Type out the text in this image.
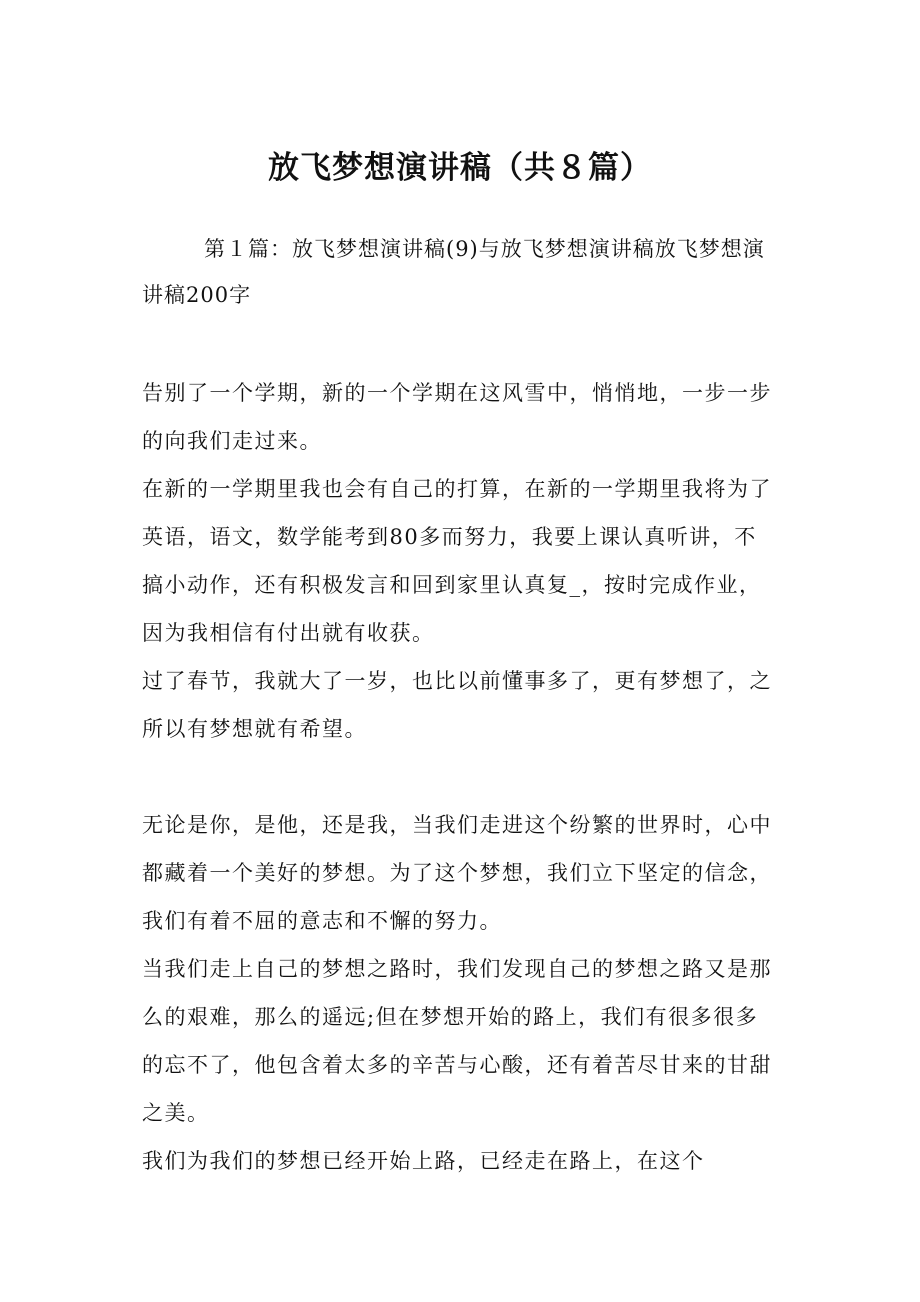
放飞梦想演讲稿（共８篇）
第１篇：放飞梦想演讲稿(9)与放飞梦想演讲稿放飞梦想演讲稿200字

告别了一个学期，新的一个学期在这风雪中，悄悄地，一步一步的向我们走过来。

在新的一学期里我也会有自己的打算，在新的一学期里我将为了英语，语文，数学能考到80多而努力，我要上课认真听讲，不搞小动作，还有积极发言和回到家里认真复_，按时完成作业，因为我相信有付出就有收获。

过了春节，我就大了一岁，也比以前懂事多了，更有梦想了，之所以有梦想就有希望。

无论是你，是他，还是我，当我们走进这个纷繁的世界时，心中都藏着一个美好的梦想。为了这个梦想，我们立下坚定的信念，我们有着不屈的意志和不懈的努力。

当我们走上自己的梦想之路时，我们发现自己的梦想之路又是那么的艰难，那么的遥远;但在梦想开始的路上，我们有很多很多的忘不了，他包含着太多的辛苦与心酸，还有着苦尽甘来的甘甜之美。

我们为我们的梦想已经开始上路，已经走在路上，在这个
